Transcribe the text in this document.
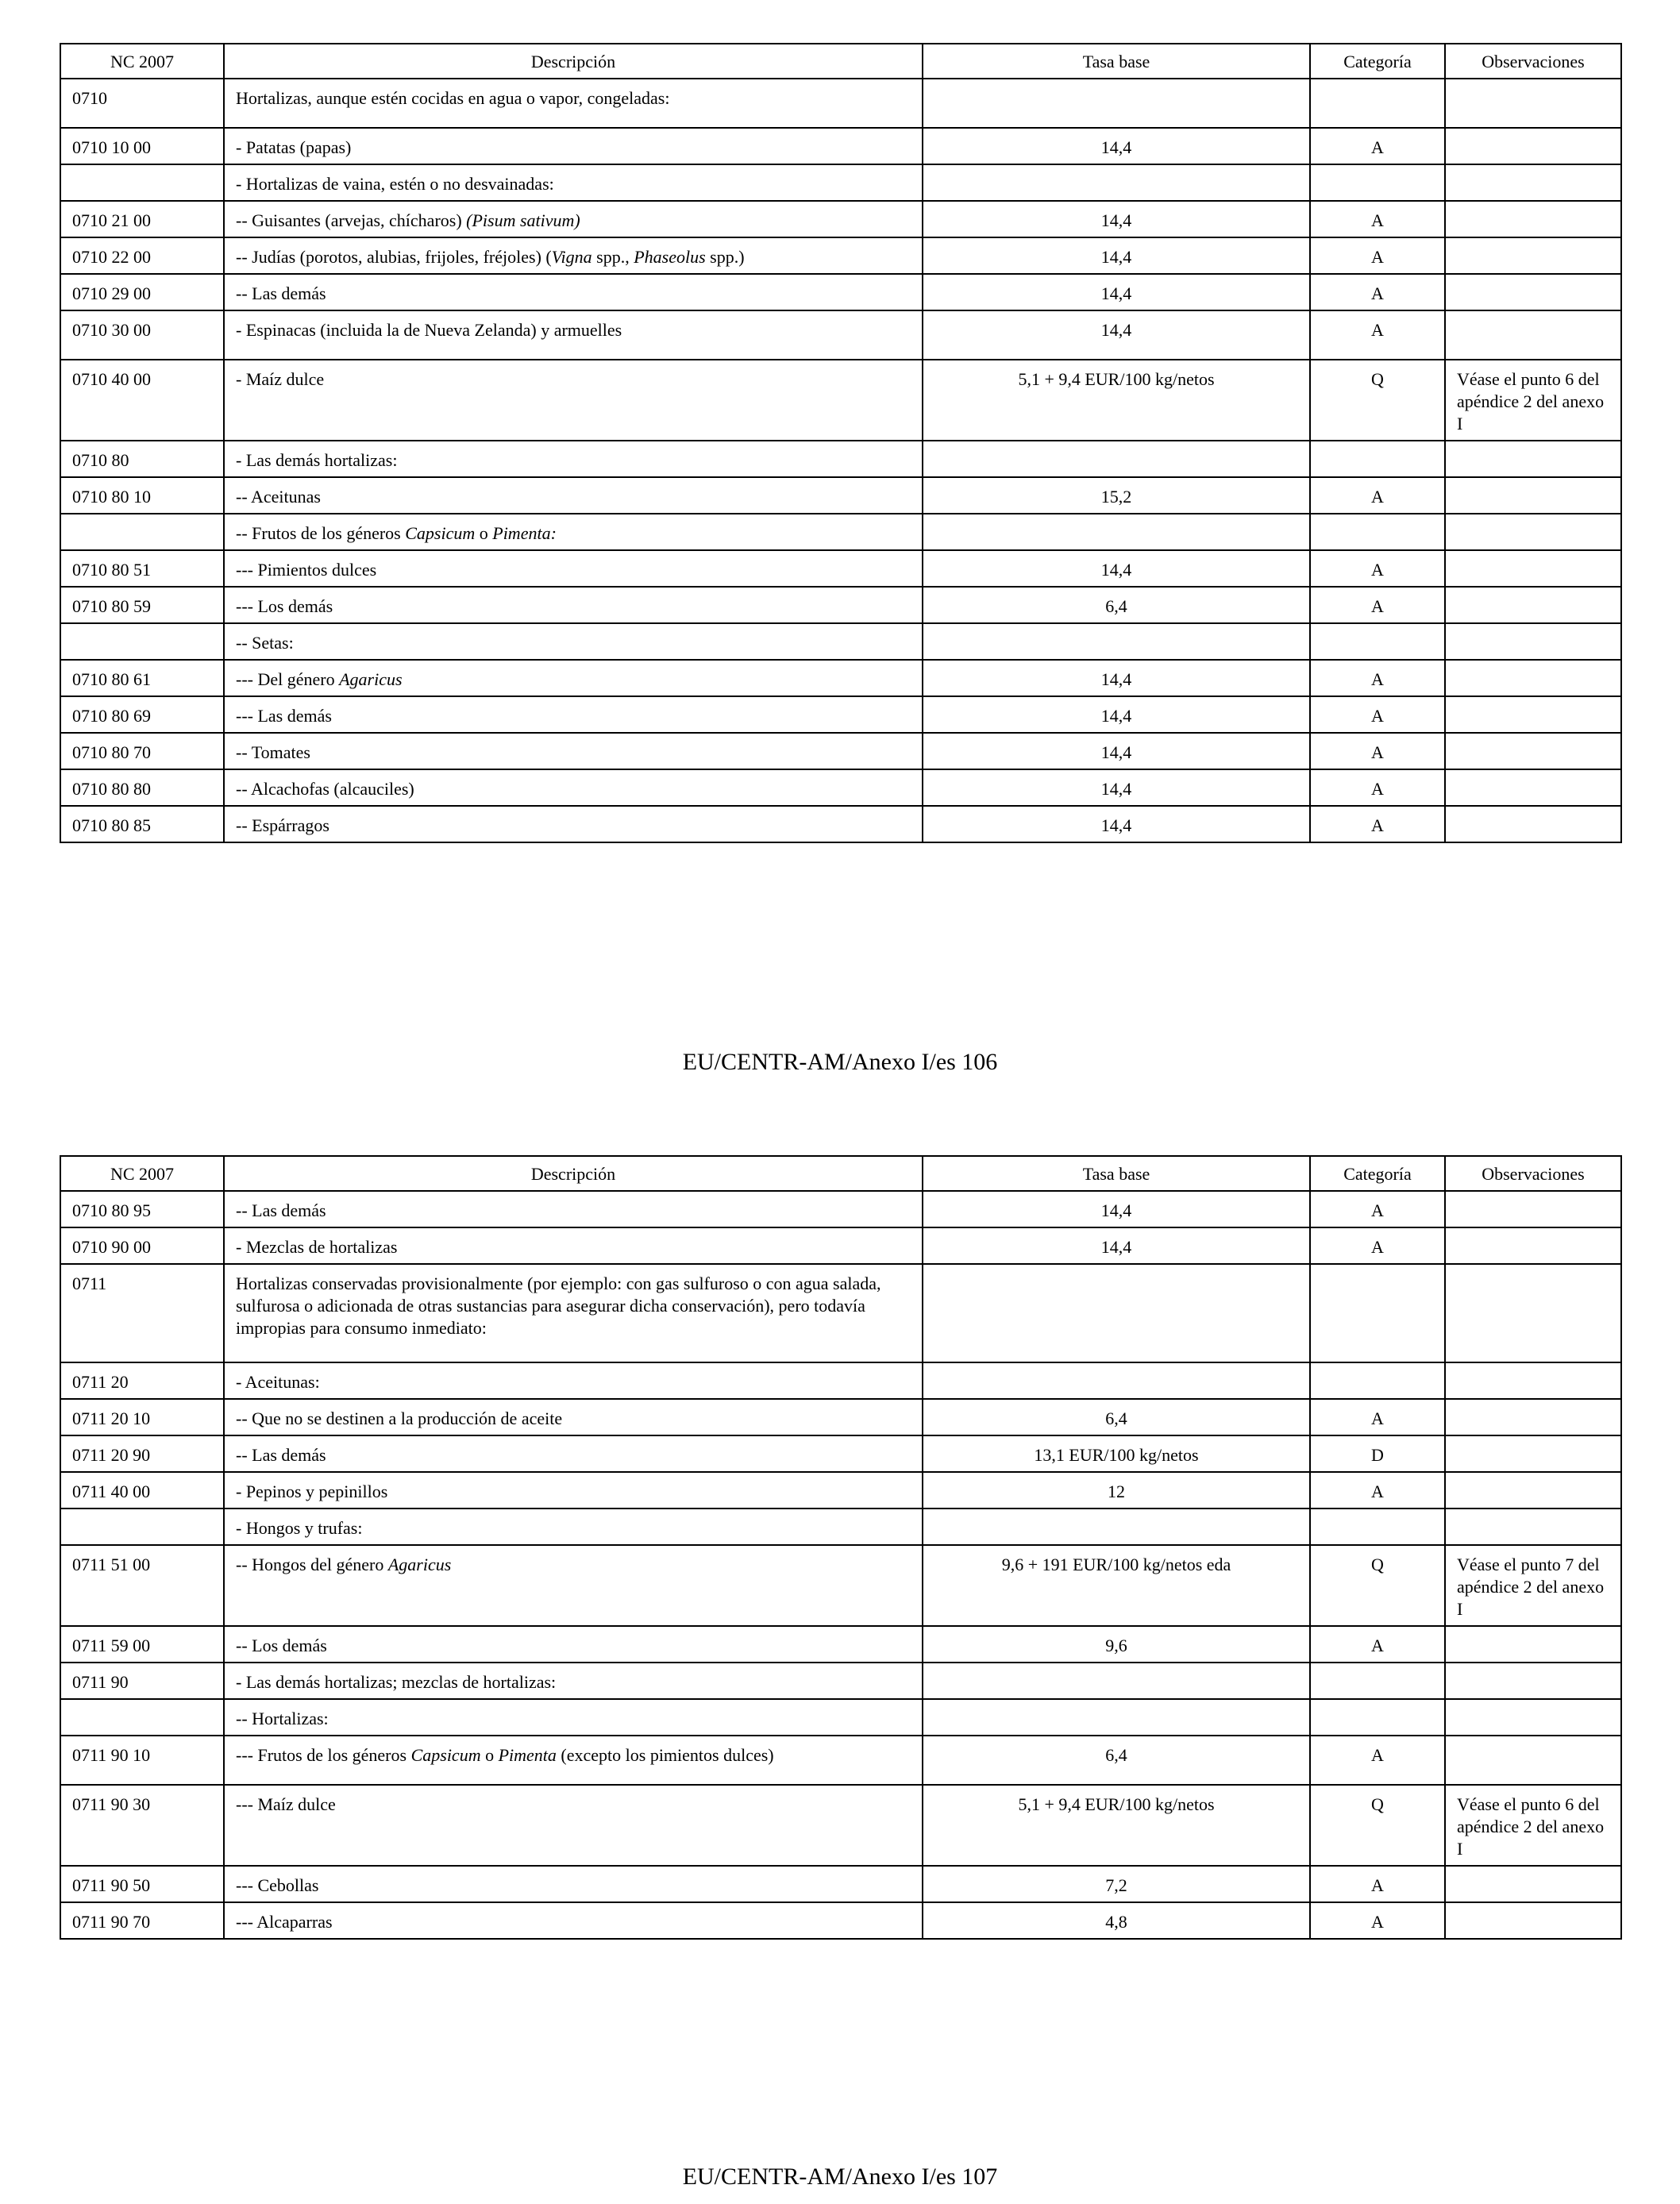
NC 2007	Descripción	Tasa base	Categoría	Observaciones
0710	Hortalizas, aunque estén cocidas en agua o vapor, congeladas:			
0710 10 00	- Patatas (papas)	14,4	A	
	- Hortalizas de vaina, estén o no desvainadas:			
0710 21 00	-- Guisantes (arvejas, chícharos) (Pisum sativum)	14,4	A	
0710 22 00	-- Judías (porotos, alubias, frijoles, fréjoles) (Vigna spp., Phaseolus spp.)	14,4	A	
0710 29 00	-- Las demás	14,4	A	
0710 30 00	- Espinacas (incluida la de Nueva Zelanda) y armuelles	14,4	A	
0710 40 00	- Maíz dulce	5,1 + 9,4 EUR/100 kg/netos	Q	Véase el punto 6 del apéndice 2 del anexo I
0710 80	- Las demás hortalizas:			
0710 80 10	-- Aceitunas	15,2	A	
	-- Frutos de los géneros Capsicum o Pimenta:			
0710 80 51	--- Pimientos dulces	14,4	A	
0710 80 59	--- Los demás	6,4	A	
	-- Setas:			
0710 80 61	--- Del género Agaricus	14,4	A	
0710 80 69	--- Las demás	14,4	A	
0710 80 70	-- Tomates	14,4	A	
0710 80 80	-- Alcachofas (alcauciles)	14,4	A	
0710 80 85	-- Espárragos	14,4	A	
EU/CENTR-AM/Anexo I/es 106
NC 2007	Descripción	Tasa base	Categoría	Observaciones
0710 80 95	-- Las demás	14,4	A	
0710 90 00	- Mezclas de hortalizas	14,4	A	
0711	Hortalizas conservadas provisionalmente (por ejemplo: con gas sulfuroso o con agua salada, sulfurosa o adicionada de otras sustancias para asegurar dicha conservación), pero todavía impropias para consumo inmediato:			
0711 20	- Aceitunas:			
0711 20 10	-- Que no se destinen a la producción de aceite	6,4	A	
0711 20 90	-- Las demás	13,1 EUR/100 kg/netos	D	
0711 40 00	- Pepinos y pepinillos	12	A	
	- Hongos y trufas:			
0711 51 00	-- Hongos del género Agaricus	9,6 + 191 EUR/100 kg/netos eda	Q	Véase el punto 7 del apéndice 2 del anexo I
0711 59 00	-- Los demás	9,6	A	
0711 90	- Las demás hortalizas; mezclas de hortalizas:			
	-- Hortalizas:			
0711 90 10	--- Frutos de los géneros Capsicum o Pimenta (excepto los pimientos dulces)	6,4	A	
0711 90 30	--- Maíz dulce	5,1 + 9,4 EUR/100 kg/netos	Q	Véase el punto 6 del apéndice 2 del anexo I
0711 90 50	--- Cebollas	7,2	A	
0711 90 70	--- Alcaparras	4,8	A	
EU/CENTR-AM/Anexo I/es 107
